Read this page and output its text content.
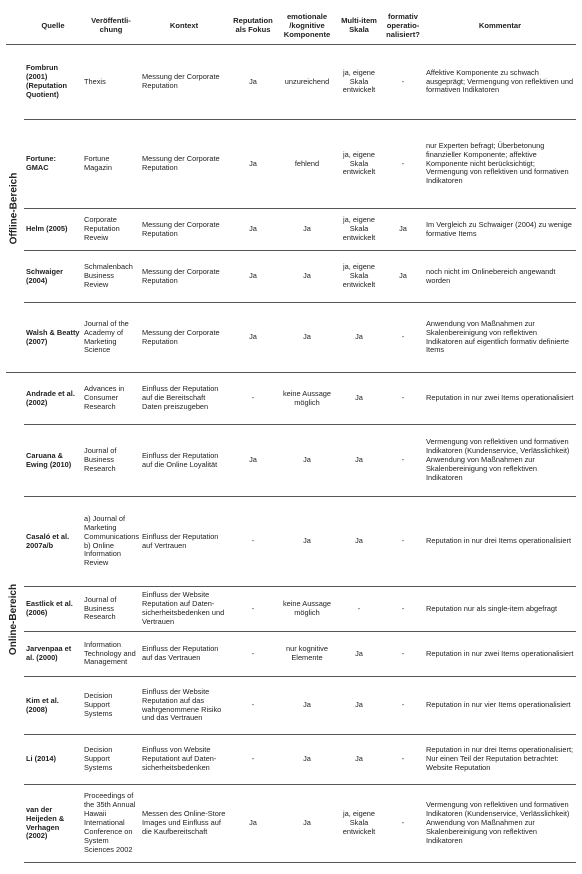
Quelle	Veröffentli-chung	Kontext	Reputation als Fokus	emotionale /kognitive Komponente	Multi-item Skala	formativ operatio-nalisiert?	Kommentar
Fombrun (2001) (Reputation Quotient)	Thexis	Messung der Corporate Reputation	Ja	unzureichend	ja, eigene Skala entwickelt	-	Affektive Komponente zu schwach ausgeprägt; Vermengung von reflektiven und formativen Indikatoren
Fortune: GMAC	Fortune Magazin	Messung der Corporate Reputation	Ja	fehlend	ja, eigene Skala entwickelt	-	nur Experten befragt; Überbetonung finanzieller Komponente; affektive Komponente nicht berücksichtigt; Vermengung von reflektiven und formativen Indikatoren
Helm (2005)	Corporate Reputation Reveiw	Messung der Corporate Reputation	Ja	Ja	ja, eigene Skala entwickelt	Ja	Im Vergleich zu Schwaiger (2004) zu wenige formative Items
Schwaiger (2004)	Schmalenbach Business Review	Messung der Corporate Reputation	Ja	Ja	ja, eigene Skala entwickelt	Ja	noch nicht im Onlinebereich angewandt worden
Walsh & Beatty (2007)	Journal of the Academy of Marketing Science	Messung der Corporate Reputation	Ja	Ja	Ja	-	Anwendung von Maßnahmen zur Skalenbereinigung von reflektiven Indikatoren auf eigentlich formativ definierte Items
Andrade et al. (2002)	Advances in Consumer Research	Einfluss der Reputation auf die Bereitschaft Daten preiszugeben	-	keine Aussage möglich	Ja	-	Reputation in nur zwei Items operationalisiert
Caruana & Ewing (2010)	Journal of Business Research	Einfluss der Reputation auf die Online Loyalität	Ja	Ja	Ja	-	Vermengung von reflektiven und formativen Indikatoren (Kundenservice, Verlässlichkeit) Anwendung von Maßnahmen zur Skalenbereinigung von reflektiven Indikatoren
Casaló et al. 2007a/b	a) Journal of Marketing Communications b) Online Information Review	Einfluss der Reputation auf Vertrauen	-	Ja	Ja	-	Reputation in nur drei Items operationalisiert
Eastlick et al. (2006)	Journal of Business Research	Einfluss der Website Reputation auf Daten-sicherheitsbedenken und Vertrauen	-	keine Aussage möglich	-	-	Reputation nur als single-item abgefragt
Jarvenpaa et al. (2000)	Information Technology and Management	Einfluss der Reputation auf das Vertrauen	-	nur kognitive Elemente	Ja	-	Reputation in nur zwei Items operationalisiert
Kim et al. (2008)	Decision Support Systems	Einfluss der Website Reputation auf das wahrgenommene Risiko und das Vertrauen	-	Ja	Ja	-	Reputation in nur vier Items operationalisiert
Li (2014)	Decision Support Systems	Einfluss von Website Reputationt auf Daten-sicherheitsbedenken	-	Ja	Ja	-	Reputation in nur drei Items operationalisiert; Nur einen Teil der Reputation betrachtet: Website Reputation
van der Heijeden & Verhagen (2002)	Proceedings of the 35th Annual Hawaii International Conference on System Sciences 2002	Messen des Online-Store Images und Einfluss auf die Kaufbereitschaft	Ja	Ja	ja, eigene Skala entwickelt	-	Vermengung von reflektiven und formativen Indikatoren (Kundenservice, Verlässlichkeit) Anwendung von Maßnahmen zur Skalenbereinigung von reflektiven Indikatoren
Offline-Bereich
Online-Bereich
